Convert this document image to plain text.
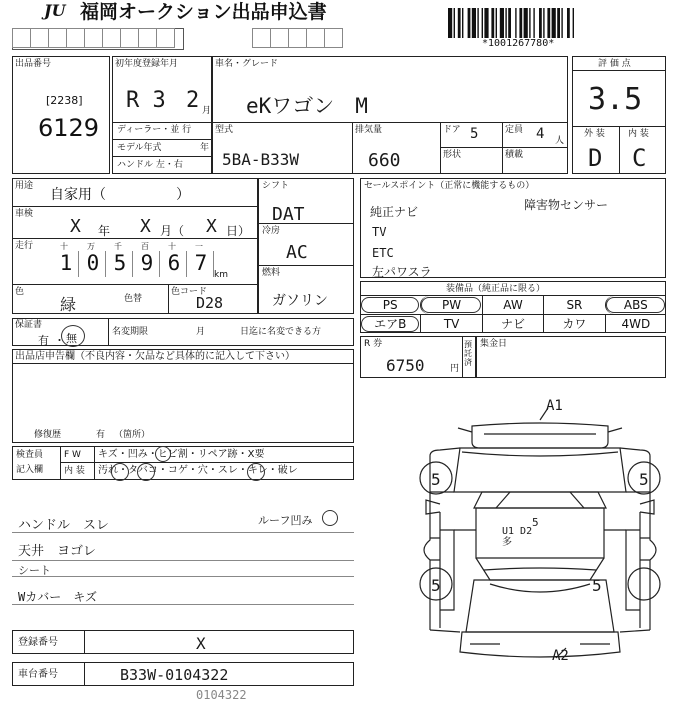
JU 福岡オークション出品申込書
*1001267780*
出品番号
[2238]
6129
初年度登録年月
R 3 2 月
ディーラー・並 行
モデル年式	年
ハンドル 左・右
車名・グレード
eKワゴン　M
型式
5BA-B33W
排気量
660
ドア 5	定員 4 人
形状	積載
評 価 点
3.5
外 装	内 装
D C
用途
自家用（　　　　　）
車検
X 年 X 月（ X 日）
走行	十 万 千 百 十 一
1 0 5 9 6 7 km
色
緑	色替
色コード
D28
シフト
DAT
冷房
AC
燃料
ガソリン
セールスポイント（正常に機能するもの）
純正ナビ
TV
ETC
左パワスラ
障害物センサー
装備品（純正品に限る）
PS	PW	AW	SR	ABS
エアB	TV	ナビ	カワ	4WD
保証書
有 ・ 無	名変期限	月	日迄に名変できる方
R 券
6750	円
預託済
集金日
出品店申告欄（不良内容・欠品など具体的に記入して下さい）
修復歴	有 （箇所）
検査員
記入欄
F W キズ・凹み・ヒビ割・リペア跡・X要
内 装 汚れ・タバコ・コゲ・穴・スレ・キレ・破レ
ハンドル　スレ	ルーフ凹み
天井　ヨゴレ
シート
Wカバー　キズ
登録番号	X
車台番号	B33W-0104322
0104322
A1
A2
5	5
5	5
U1 D2 多
5
